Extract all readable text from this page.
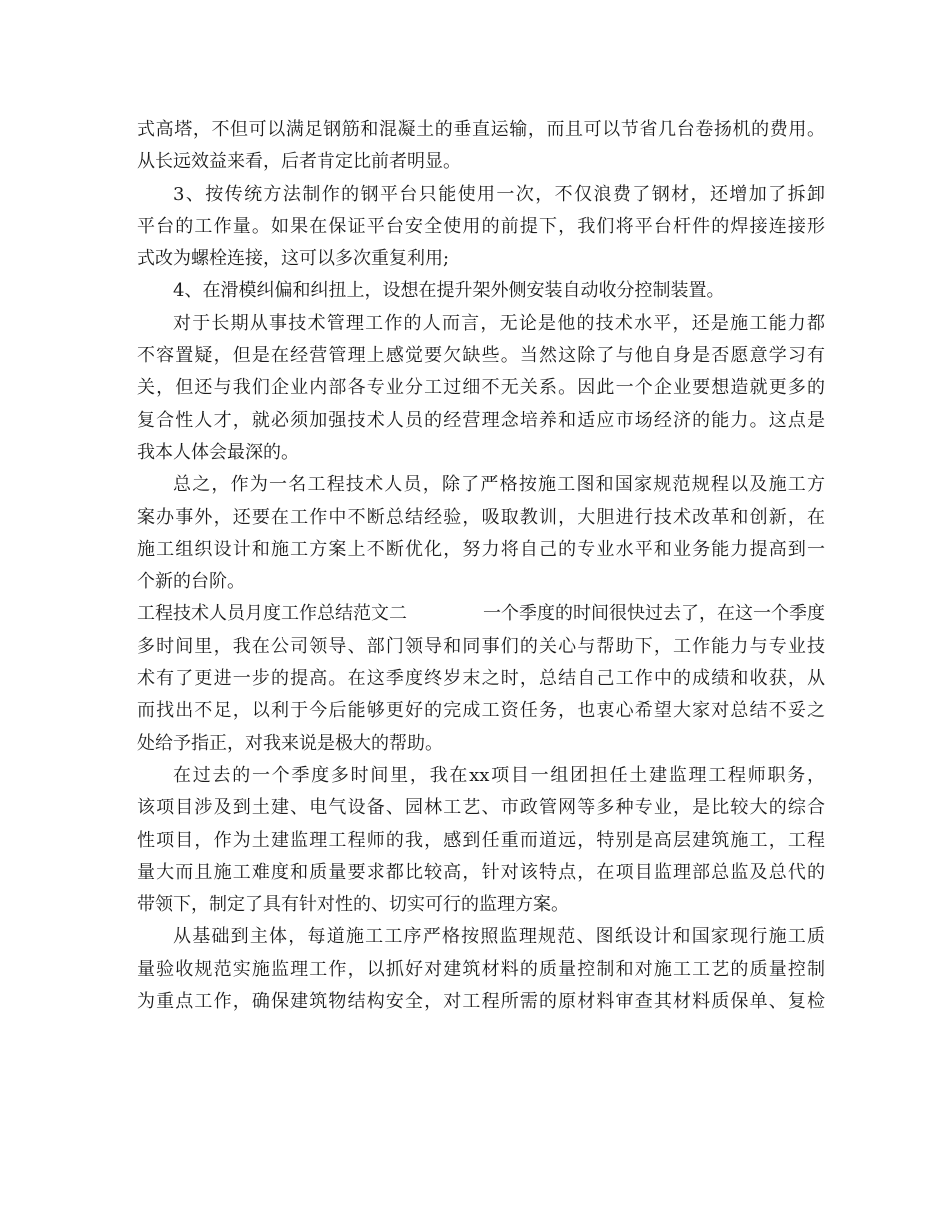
式高塔，不但可以满足钢筋和混凝土的垂直运输，而且可以节省几台卷扬机的费用。
从长远效益来看，后者肯定比前者明显。
3、按传统方法制作的钢平台只能使用一次，不仅浪费了钢材，还增加了拆卸
平台的工作量。如果在保证平台安全使用的前提下，我们将平台杆件的焊接连接形
式改为螺栓连接，这可以多次重复利用;
4、在滑模纠偏和纠扭上，设想在提升架外侧安装自动收分控制装置。
对于长期从事技术管理工作的人而言，无论是他的技术水平，还是施工能力都
不容置疑，但是在经营管理上感觉要欠缺些。当然这除了与他自身是否愿意学习有
关，但还与我们企业内部各专业分工过细不无关系。因此一个企业要想造就更多的
复合性人才，就必须加强技术人员的经营理念培养和适应市场经济的能力。这点是
我本人体会最深的。
总之，作为一名工程技术人员，除了严格按施工图和国家规范规程以及施工方
案办事外，还要在工作中不断总结经验，吸取教训，大胆进行技术改革和创新，在
施工组织设计和施工方案上不断优化，努力将自己的专业水平和业务能力提高到一
个新的台阶。
工程技术人员月度工作总结范文二	一个季度的时间很快过去了，在这一个季度
多时间里，我在公司领导、部门领导和同事们的关心与帮助下，工作能力与专业技
术有了更进一步的提高。在这季度终岁末之时，总结自己工作中的成绩和收获，从
而找出不足，以利于今后能够更好的完成工资任务，也衷心希望大家对总结不妥之
处给予指正，对我来说是极大的帮助。
在过去的一个季度多时间里，我在xx项目一组团担任土建监理工程师职务，
该项目涉及到土建、电气设备、园林工艺、市政管网等多种专业，是比较大的综合
性项目，作为土建监理工程师的我，感到任重而道远，特别是高层建筑施工，工程
量大而且施工难度和质量要求都比较高，针对该特点，在项目监理部总监及总代的
带领下，制定了具有针对性的、切实可行的监理方案。
从基础到主体，每道施工工序严格按照监理规范、图纸设计和国家现行施工质
量验收规范实施监理工作，以抓好对建筑材料的质量控制和对施工工艺的质量控制
为重点工作，确保建筑物结构安全，对工程所需的原材料审查其材料质保单、复检
